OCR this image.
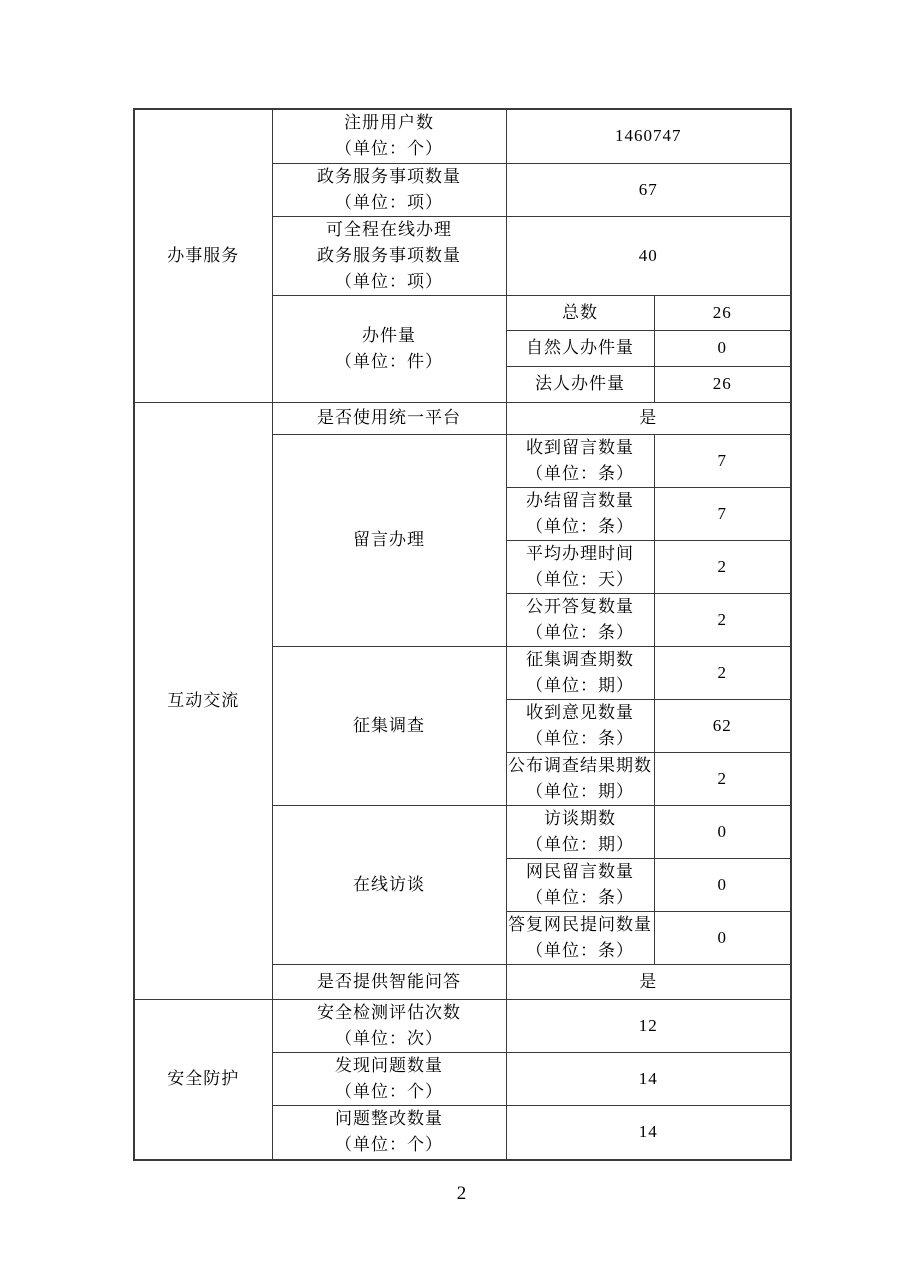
办事服务	注册用户数
（单位：个）	1460747	

	政务服务事项数量
（单位：项）	67	

	可全程在线办理
政务服务事项数量
（单位：项）	40	

	办件量
（单位：件）	总数	26
		自然人办件量	0
		法人办件量	26
互动交流	是否使用统一平台	是	
	留言办理	收到留言数量
（单位：条）	7

		办结留言数量
（单位：条）	7

		平均办理时间
（单位：天）	2

		公开答复数量
（单位：条）	2
	征集调查	征集调查期数
（单位：期）	2

		收到意见数量
（单位：条）	62

		公布调查结果期数
（单位：期）	2
	在线访谈	访谈期数
（单位：期）	0

		网民留言数量
（单位：条）	0

		答复网民提问数量
（单位：条）	0
	是否提供智能问答	是	
安全防护	安全检测评估次数
（单位：次）	12	

	发现问题数量
（单位：个）	14	

	问题整改数量
（单位：个）	14	
2
